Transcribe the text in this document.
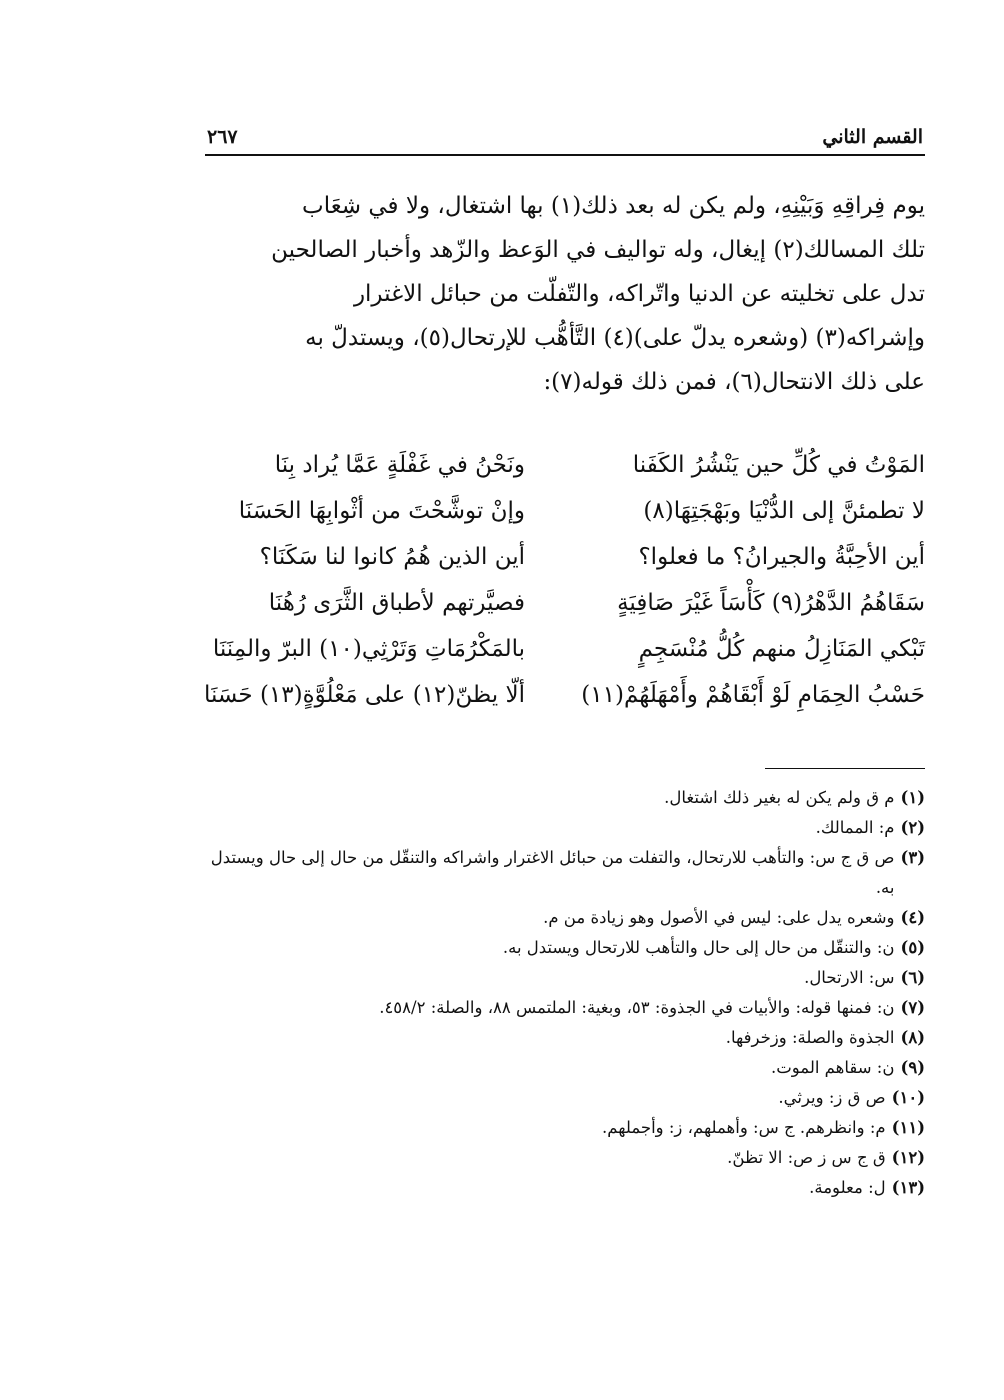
القسم الثاني
٢٦٧

يوم فِراقِهِ وَبَيْنِهِ، ولم يكن له بعد ذلك(١) بها اشتغال، ولا في شِعَاب

تلك المسالك(٢) إيغال، وله تواليف في الوَعظ والزّهد وأخبار الصالحين

تدل على تخليته عن الدنيا واتّراكه، والتّفلّت من حبائل الاغترار

وإشراكه(٣) (وشعره يدلّ على)(٤) التَّأهُّب للإرتحال(٥)، ويستدلّ به

على ذلك الانتحال(٦)، فمن ذلك قوله(٧):

المَوْتُ في كُلِّ حين يَنْشُرُ الكَفَنا
ونَحْنُ في غَفْلَةٍ عَمَّا يُراد بِنَا
لا تطمئنَّ إلى الدُّنْيَا وبَهْجَتِهَا(٨)
وإنْ توشَّحْتَ من أثْوابِهَا الحَسَنَا
أين الأحِبَّةُ والجيرانُ؟ ما فعلوا؟
أين الذين هُمُ كانوا لنا سَكَنَا؟
سَقَاهُمُ الدَّهْرُ(٩) كَأْسَاً غَيْرَ صَافِيَةٍ
فصيَّرتهم لأطباق الثَّرَى رُهُنَا
تَبْكي المَنَازِلُ منهم كُلُّ مُنْسَجِمٍ
بالمَكْرُمَاتِ وَتَرْثِي(١٠) البرّ والمِنَنَا
حَسْبُ الحِمَامِ لَوْ أَبْقَاهُمْ وأَمْهَلَهُمْ(١١)
ألّا يظنّ(١٢) على مَعْلُوَّةٍ(١٣) حَسَنَا
(١)
م ق ولم يكن له بغير ذلك اشتغال.
(٢)
م: الممالك.
(٣)
ص ق ج س: والتأهب للارتحال، والتفلت من حبائل الاغترار واشراكه والتنقّل من حال إلى حال ويستدل به.
(٤)
وشعره يدل على: ليس في الأصول وهو زيادة من م.
(٥)
ن: والتنقّل من حال إلى حال والتأهب للارتحال ويستدل به.
(٦)
س: الارتحال.
(٧)
ن: فمنها قوله: والأبيات في الجذوة: ٥٣، وبغية: الملتمس ٨٨، والصلة: ٤٥٨/٢.
(٨)
الجذوة والصلة: وزخرفها.
(٩)
ن: سقاهم الموت.
(١٠)
ص ق ز: ويرثي.
(١١)
م: وانظرهم. ج س: وأهملهم، ز: وأجملهم.
(١٢)
ق ج س ز ص: الا تظنّ.
(١٣)
ل: معلومة.
